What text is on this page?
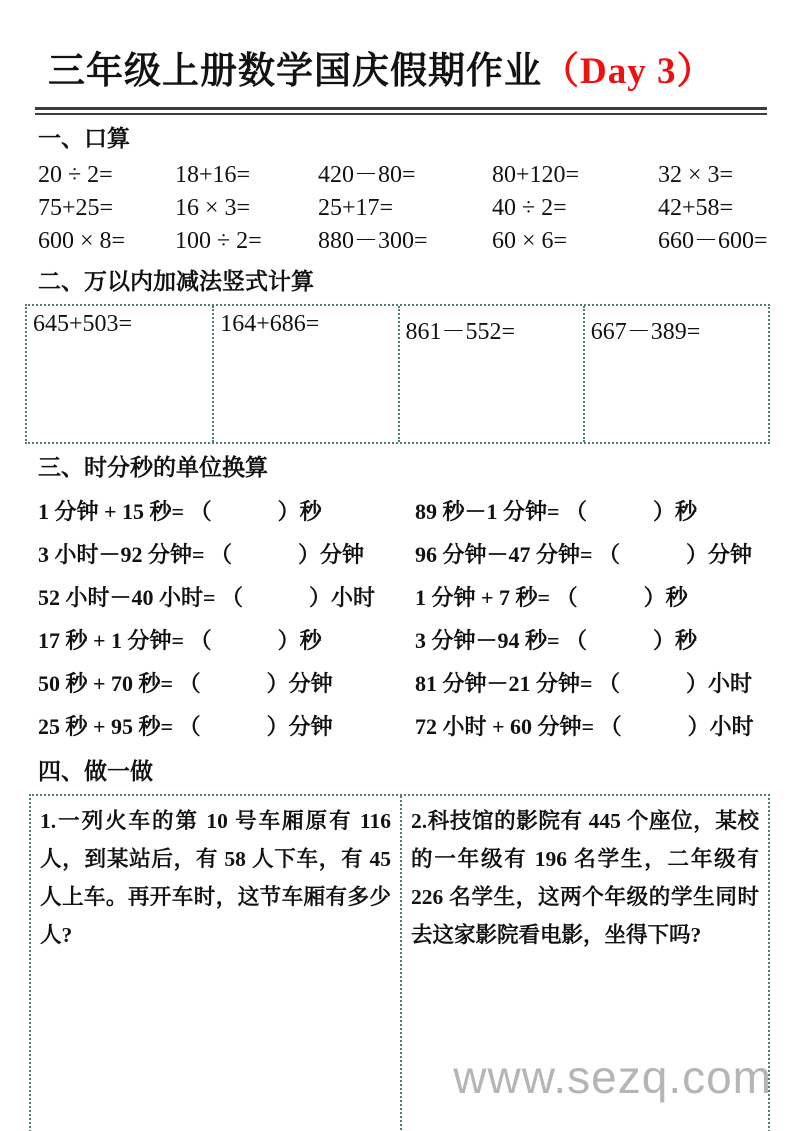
三年级上册数学国庆假期作业（Day 3）
一、口算
20 ÷ 2=	18+16=	420－80=	80+120=	32 × 3=
75+25=	16 × 3=	25+17=	40 ÷ 2=	42+58=
600 × 8=	100 ÷ 2=	880－300=	60 × 6=	660－600=
二、万以内加减法竖式计算
645+503=	164+686=	861－552=	667－389=
三、时分秒的单位换算
1 分钟 + 15 秒= （　　　）秒	89 秒－1 分钟= （　　　）秒
3 小时－92 分钟= （　　　）分钟	96 分钟－47 分钟= （　　　）分钟
52 小时－40 小时= （　　　）小时	1 分钟 + 7 秒= （　　　）秒
17 秒 + 1 分钟= （　　　）秒	3 分钟－94 秒= （　　　）秒
50 秒 + 70 秒= （　　　）分钟	81 分钟－21 分钟= （　　　）小时
25 秒 + 95 秒= （　　　）分钟	72 小时 + 60 分钟= （　　　）小时
四、做一做
1.一列火车的第 10 号车厢原有 116 人，到某站后，有 58 人下车，有 45 人上车。再开车时，这节车厢有多少人?
2.科技馆的影院有 445 个座位，某校的一年级有 196 名学生，二年级有 226 名学生，这两个年级的学生同时去这家影院看电影，坐得下吗?
www.sezq.com
